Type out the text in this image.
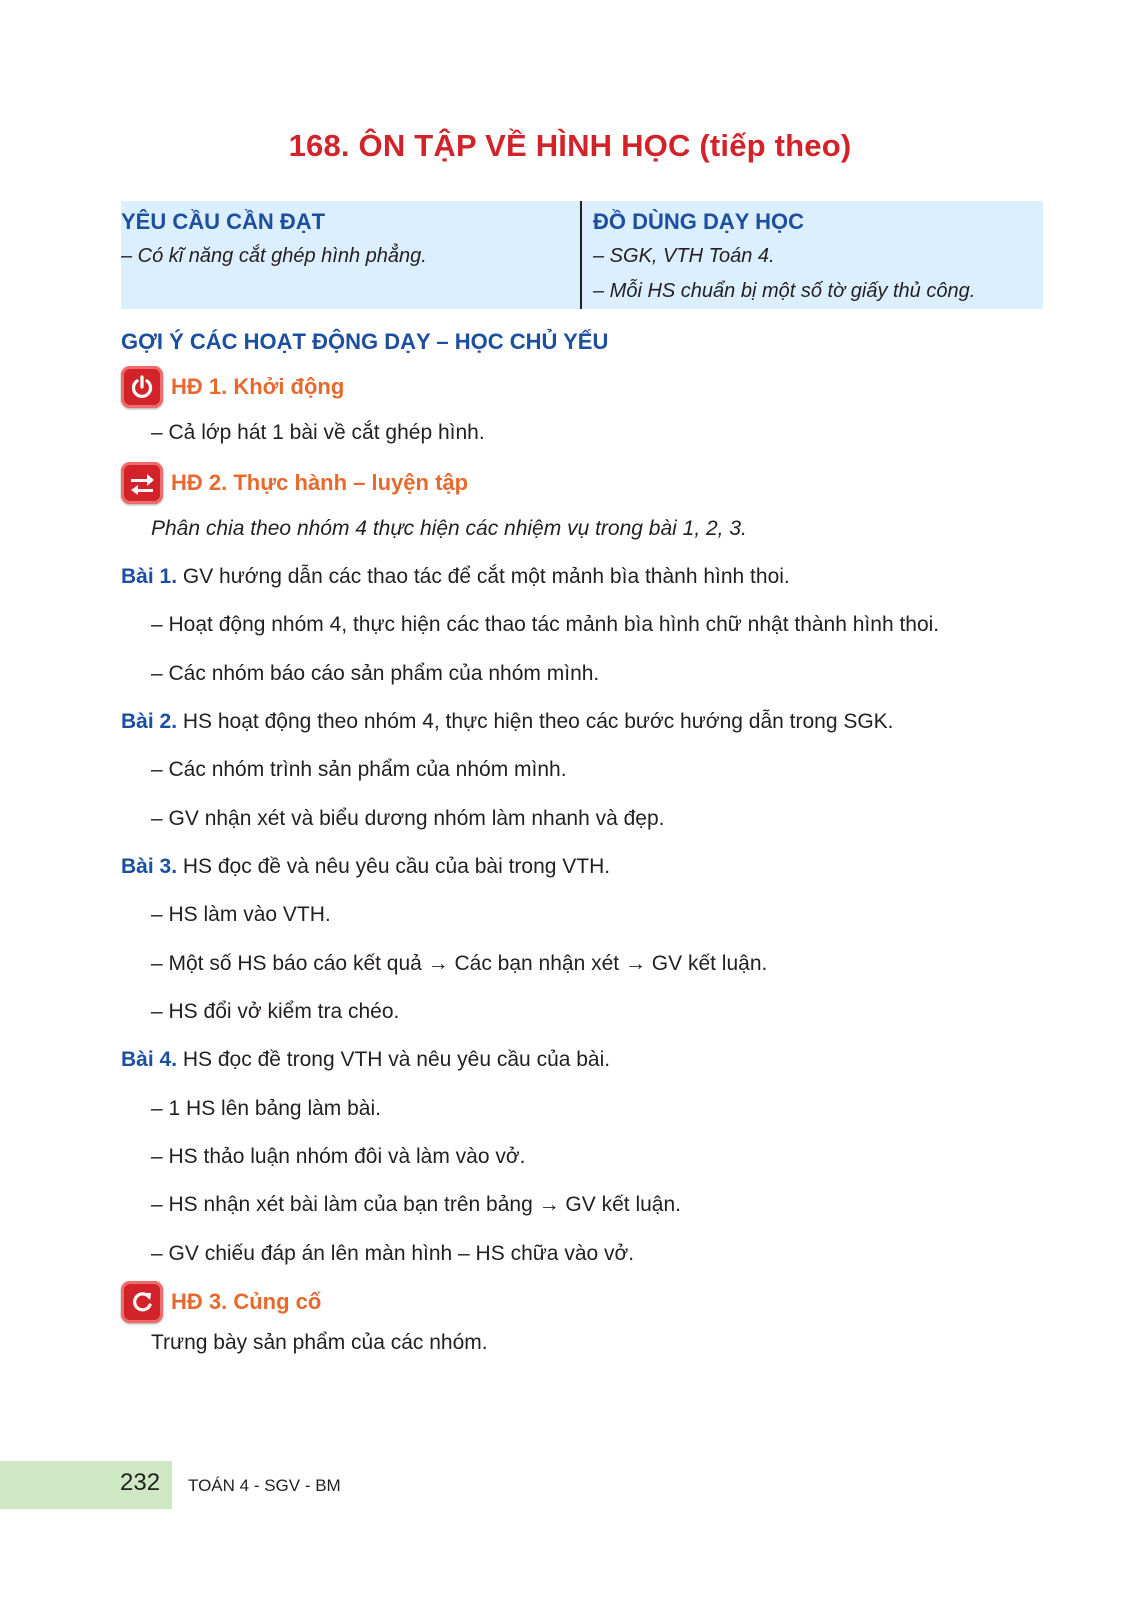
168. ÔN TẬP VỀ HÌNH HỌC (tiếp theo)
YÊU CẦU CẦN ĐẠT
– Có kĩ năng cắt ghép hình phẳng.
ĐỒ DÙNG DẠY HỌC
– SGK, VTH Toán 4.
– Mỗi HS chuẩn bị một số tờ giấy thủ công.
GỢI Ý CÁC HOẠT ĐỘNG DẠY – HỌC CHỦ YẾU
HĐ 1. Khởi động
– Cả lớp hát 1 bài về cắt ghép hình.
HĐ 2. Thực hành – luyện tập
Phân chia theo nhóm 4 thực hiện các nhiệm vụ trong bài 1, 2, 3.
Bài 1. GV hướng dẫn các thao tác để cắt một mảnh bìa thành hình thoi.
– Hoạt động nhóm 4, thực hiện các thao tác mảnh bìa hình chữ nhật thành hình thoi.
– Các nhóm báo cáo sản phẩm của nhóm mình.
Bài 2. HS hoạt động theo nhóm 4, thực hiện theo các bước hướng dẫn trong SGK.
– Các nhóm trình sản phẩm của nhóm mình.
– GV nhận xét và biểu dương nhóm làm nhanh và đẹp.
Bài 3. HS đọc đề và nêu yêu cầu của bài trong VTH.
– HS làm vào VTH.
– Một số HS báo cáo kết quả → Các bạn nhận xét → GV kết luận.
– HS đổi vở kiểm tra chéo.
Bài 4. HS đọc đề trong VTH và nêu yêu cầu của bài.
– 1 HS lên bảng làm bài.
– HS thảo luận nhóm đôi và làm vào vở.
– HS nhận xét bài làm của bạn trên bảng → GV kết luận.
– GV chiếu đáp án lên màn hình – HS chữa vào vở.
HĐ 3. Củng cố
Trưng bày sản phẩm của các nhóm.
232 TOÁN 4 - SGV - BM
